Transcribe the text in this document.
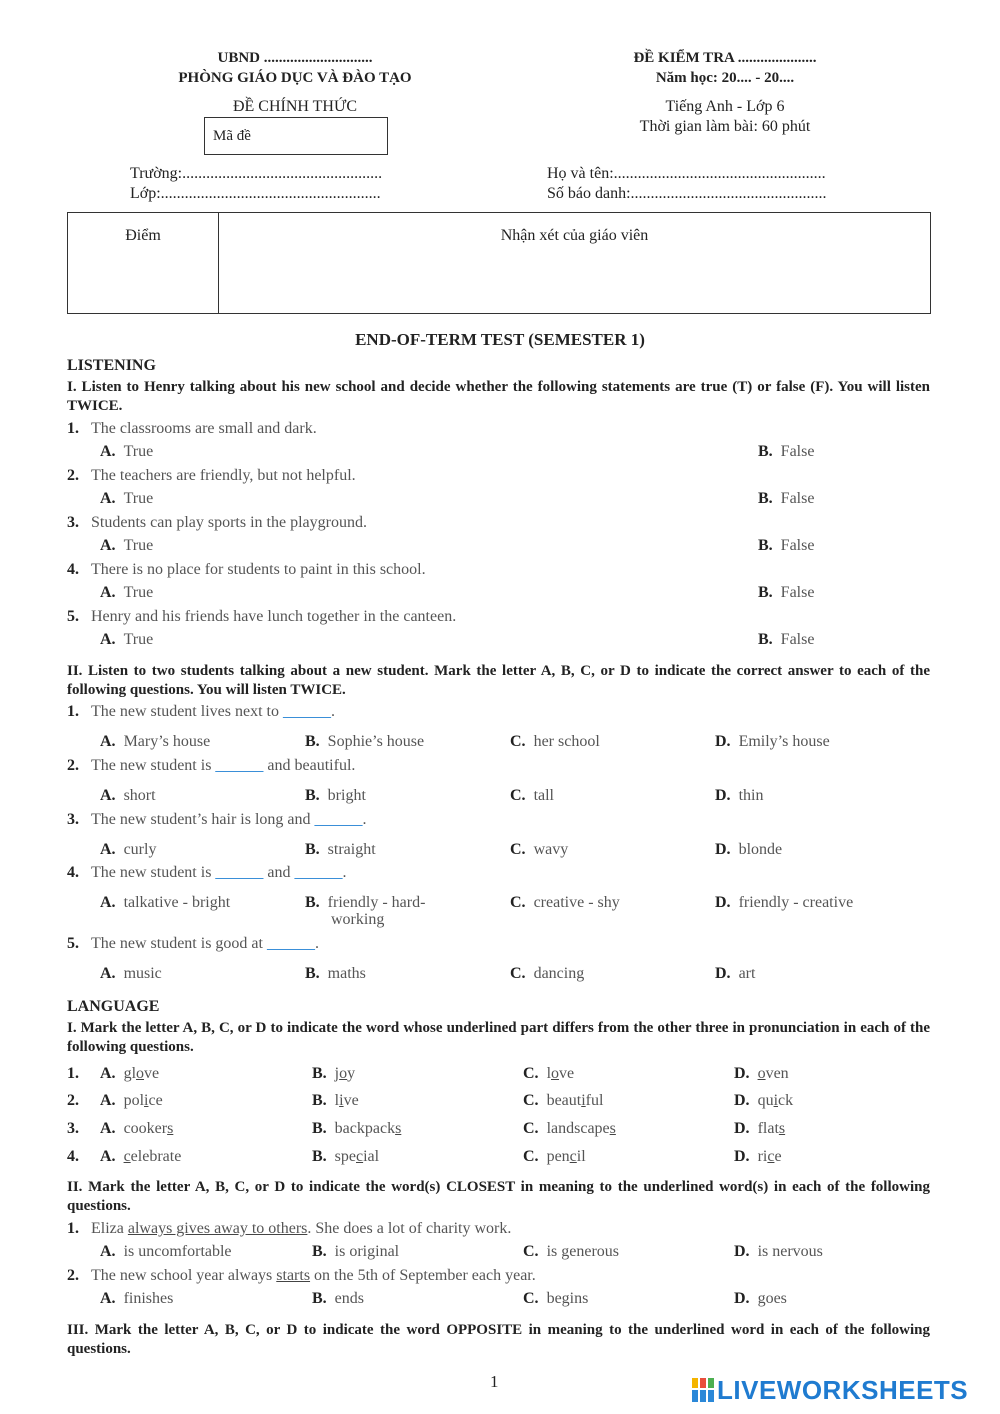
UBND .............................
PHÒNG GIÁO DỤC VÀ ĐÀO TẠO
ĐỀ CHÍNH THỨC
Mã đề
ĐỀ KIỂM TRA .....................
Năm học: 20.... - 20....
Tiếng Anh - Lớp 6
Thời gian làm bài: 60 phút
Trường:..................................................
Lớp:.......................................................
Họ và tên:.....................................................
Số báo danh:.................................................
Điểm	Nhận xét của giáo viên
END-OF-TERM TEST (SEMESTER 1)
LISTENING
I. Listen to Henry talking about his new school and decide whether the following statements are true (T) or false (F). You will listen TWICE.
1. The classrooms are small and dark.
A. True	B. False
2. The teachers are friendly, but not helpful.
A. True	B. False
3. Students can play sports in the playground.
A. True	B. False
4. There is no place for students to paint in this school.
A. True	B. False
5. Henry and his friends have lunch together in the canteen.
A. True	B. False
II. Listen to two students talking about a new student. Mark the letter A, B, C, or D to indicate the correct answer to each of the following questions. You will listen TWICE.
1. The new student lives next to ______.
A. Mary’s house	B. Sophie’s house	C. her school	D. Emily’s house
2. The new student is ______ and beautiful.
A. short	B. bright	C. tall	D. thin
3. The new student’s hair is long and ______.
A. curly	B. straight	C. wavy	D. blonde
4. The new student is ______ and ______.
A. talkative - bright	B. friendly - hard-
working
C. creative - shy	D. friendly - creative
5. The new student is good at ______.
A. music	B. maths	C. dancing	D. art
LANGUAGE
I. Mark the letter A, B, C, or D to indicate the word whose underlined part differs from the other three in pronunciation in each of the following questions.
1. A. glove	B. joy	C. love	D. oven
2. A. police	B. live	C. beautiful	D. quick
3. A. cookers	B. backpacks	C. landscapes	D. flats
4. A. celebrate	B. special	C. pencil	D. rice
II. Mark the letter A, B, C, or D to indicate the word(s) CLOSEST in meaning to the underlined word(s) in each of the following questions.
1. Eliza always gives away to others. She does a lot of charity work.
A. is uncomfortable	B. is original	C. is generous	D. is nervous
2. The new school year always starts on the 5th of September each year.
A. finishes	B. ends	C. begins	D. goes
III. Mark the letter A, B, C, or D to indicate the word OPPOSITE in meaning to the underlined word in each of the following questions.
1	LIVEWORKSHEETS
